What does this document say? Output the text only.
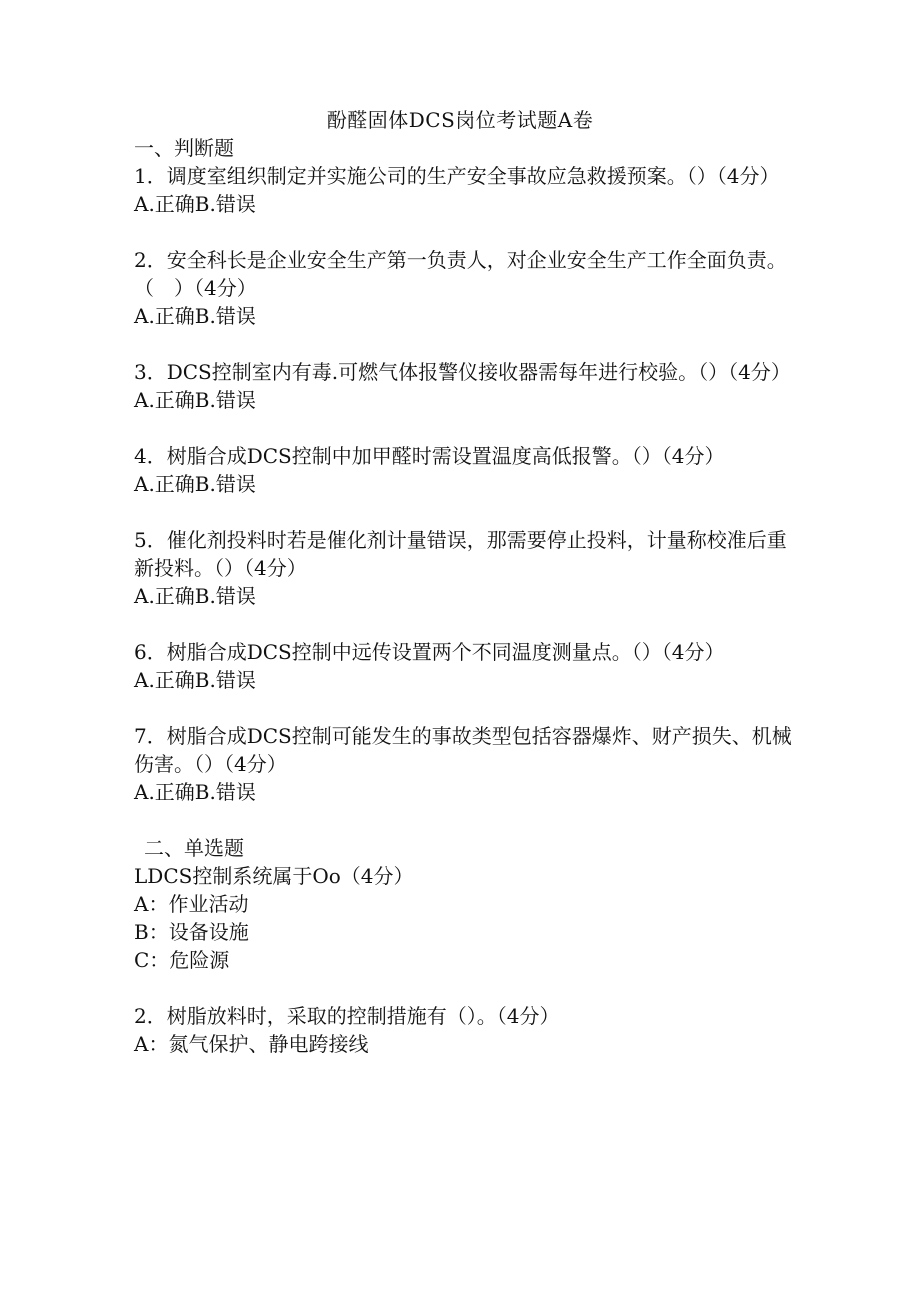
酚醛固体DCS岗位考试题A卷
一、判断题
1．调度室组织制定并实施公司的生产安全事故应急救援预案。（）（4分）
A.正确B.错误
2．安全科长是企业安全生产第一负责人，对企业安全生产工作全面负责。（　）（4分）
A.正确B.错误
3．DCS控制室内有毒.可燃气体报警仪接收器需每年进行校验。（）（4分）
A.正确B.错误
4．树脂合成DCS控制中加甲醛时需设置温度高低报警。（）（4分）
A.正确B.错误
5．催化剂投料时若是催化剂计量错误，那需要停止投料，计量称校准后重新投料。（）（4分）
A.正确B.错误
6．树脂合成DCS控制中远传设置两个不同温度测量点。（）（4分）
A.正确B.错误
7．树脂合成DCS控制可能发生的事故类型包括容器爆炸、财产损失、机械伤害。（）（4分）
A.正确B.错误
二、单选题
LDCS控制系统属于Oo（4分）
A：作业活动
B：设备设施
C：危险源
2．树脂放料时，采取的控制措施有（）。（4分）
A：氮气保护、静电跨接线
